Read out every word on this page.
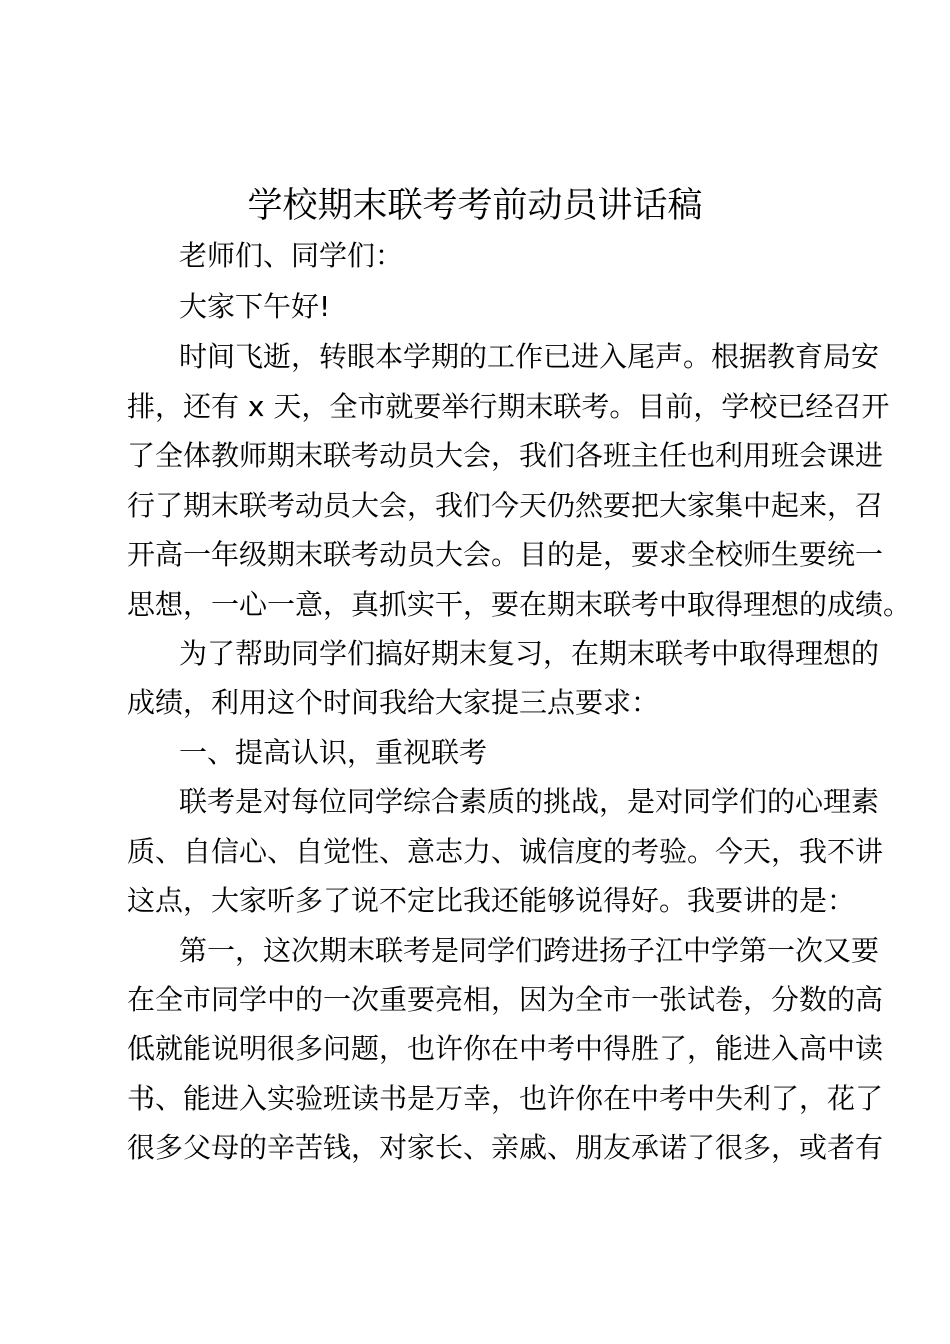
学校期末联考考前动员讲话稿
老师们、同学们：
大家下午好!
时间飞逝，转眼本学期的工作已进入尾声。根据教育局安
排，还有 x 天，全市就要举行期末联考。目前，学校已经召开
了全体教师期末联考动员大会，我们各班主任也利用班会课进
行了期末联考动员大会，我们今天仍然要把大家集中起来，召
开高一年级期末联考动员大会。目的是，要求全校师生要统一
思想，一心一意，真抓实干，要在期末联考中取得理想的成绩。
为了帮助同学们搞好期末复习，在期末联考中取得理想的
成绩，利用这个时间我给大家提三点要求：
一、提高认识，重视联考
联考是对每位同学综合素质的挑战，是对同学们的心理素
质、自信心、自觉性、意志力、诚信度的考验。今天，我不讲
这点，大家听多了说不定比我还能够说得好。我要讲的是：
第一，这次期末联考是同学们跨进扬子江中学第一次又要
在全市同学中的一次重要亮相，因为全市一张试卷，分数的高
低就能说明很多问题，也许你在中考中得胜了，能进入高中读
书、能进入实验班读书是万幸，也许你在中考中失利了，花了
很多父母的辛苦钱，对家长、亲戚、朋友承诺了很多，或者有
